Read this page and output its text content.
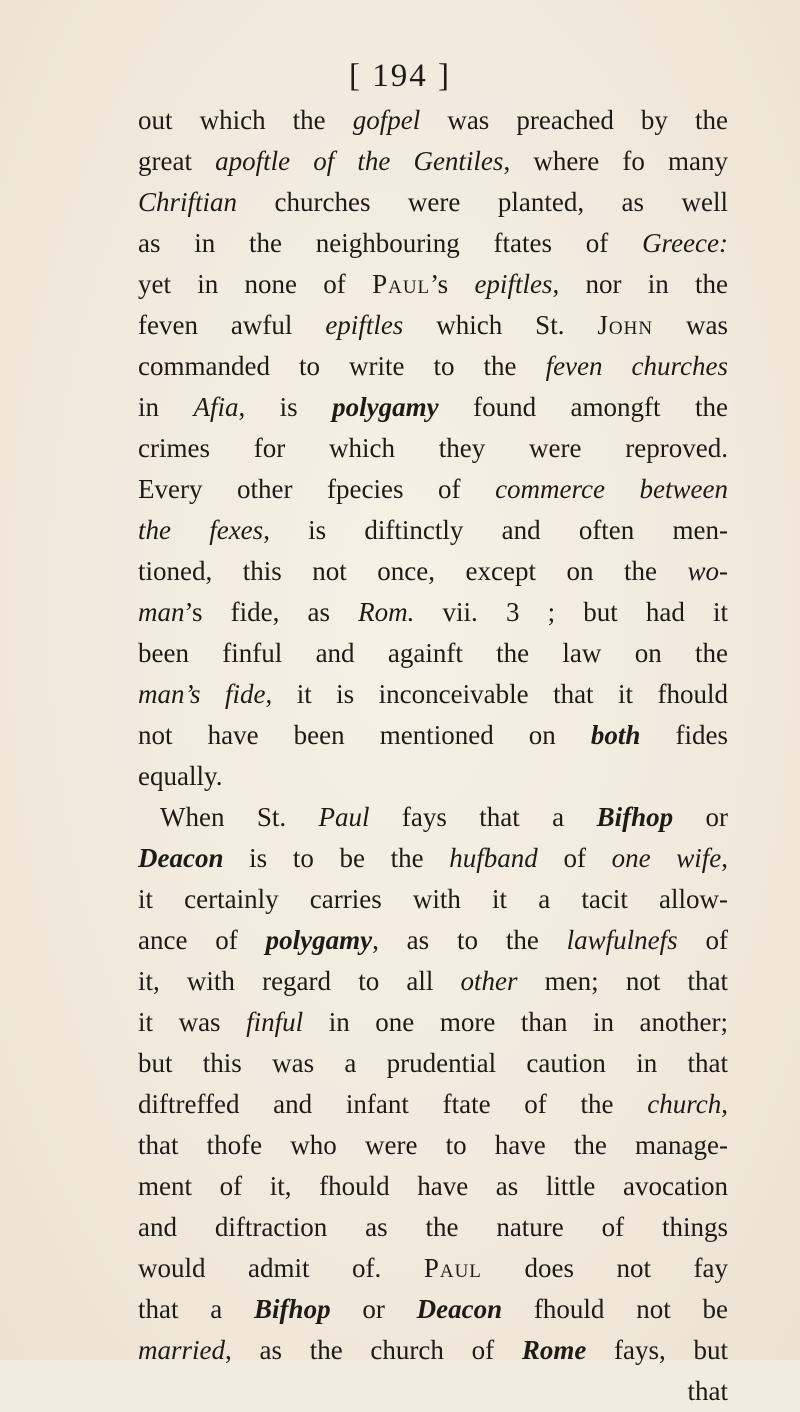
[ 194 ]
out which the gofpel was preached by the
great apoftle of the Gentiles, where fo many
Chriftian churches were planted, as well
as in the neighbouring ftates of Greece:
yet in none of Paul’s epiftles, nor in the
feven awful epiftles which St. John was
commanded to write to the feven churches
in Afia, is polygamy found amongft the
crimes for which they were reproved.
Every other fpecies of commerce between
the fexes, is diftinctly and often men-
tioned, this not once, except on the wo-
man’s fide, as Rom. vii. 3 ; but had it
been finful and againft the law on the
man’s fide, it is inconceivable that it fhould
not have been mentioned on both fides
equally.
When St. Paul fays that a Bifhop or
Deacon is to be the hufband of one wife,
it certainly carries with it a tacit allow-
ance of polygamy, as to the lawfulnefs of
it, with regard to all other men; not that
it was finful in one more than in another;
but this was a prudential caution in that
diftreffed and infant ftate of the church,
that thofe who were to have the manage-
ment of it, fhould have as little avocation
and diftraction as the nature of things
would admit of. Paul does not fay
that a Bifhop or Deacon fhould not be
married, as the church of Rome fays, but
that
